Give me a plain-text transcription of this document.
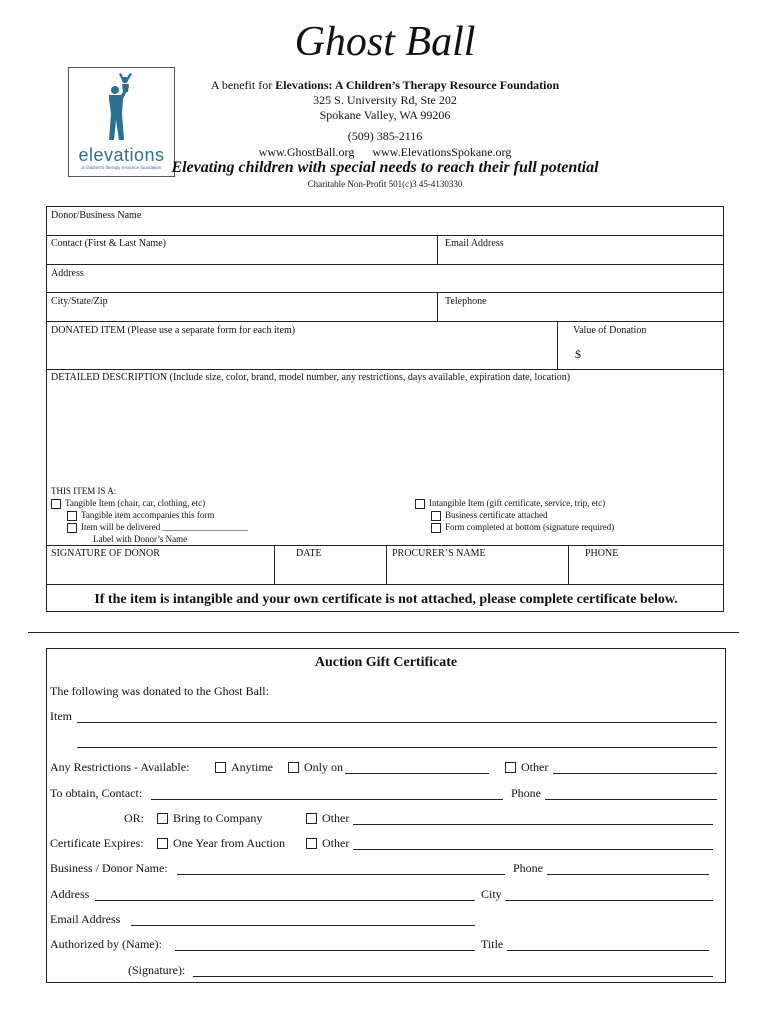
Ghost Ball
elevations
a children's therapy resource foundation
A benefit for Elevations: A Children’s Therapy Resource Foundation
325 S. University Rd, Ste 202
Spokane Valley, WA 99206
(509) 385-2116
www.GhostBall.org www.ElevationsSpokane.org
Elevating children with special needs to reach their full potential
Charitable Non-Profit 501(c)3 45-4130330
Donor/Business Name
Contact (First & Last Name)	Email Address
Address
City/State/Zip	Telephone
DONATED ITEM (Please use a separate form for each item)	Value of Donation
$
DETAILED DESCRIPTION (Include size, color, brand, model number, any restrictions, days available, expiration date, location)
THIS ITEM IS A:
Tangible Item (chair, car, clothing, etc)
Tangible item accompanies this form
Item will be delivered ___________________
Label with Donor’s Name
Intangible Item (gift certificate, service, trip, etc)
Business certificate attached
Form completed at bottom (signature required)
SIGNATURE OF DONOR	DATE	PROCURER’S NAME	PHONE
If the item is intangible and your own certificate is not attached, please complete certificate below.
Auction Gift Certificate
The following was donated to the Ghost Ball:
Item
Any Restrictions - Available:	Anytime	Only on	Other
To obtain, Contact:	Phone
OR:	Bring to Company	Other
Certificate Expires:	One Year from Auction	Other
Business / Donor Name:	Phone
Address	City
Email Address
Authorized by (Name):	Title
(Signature):
